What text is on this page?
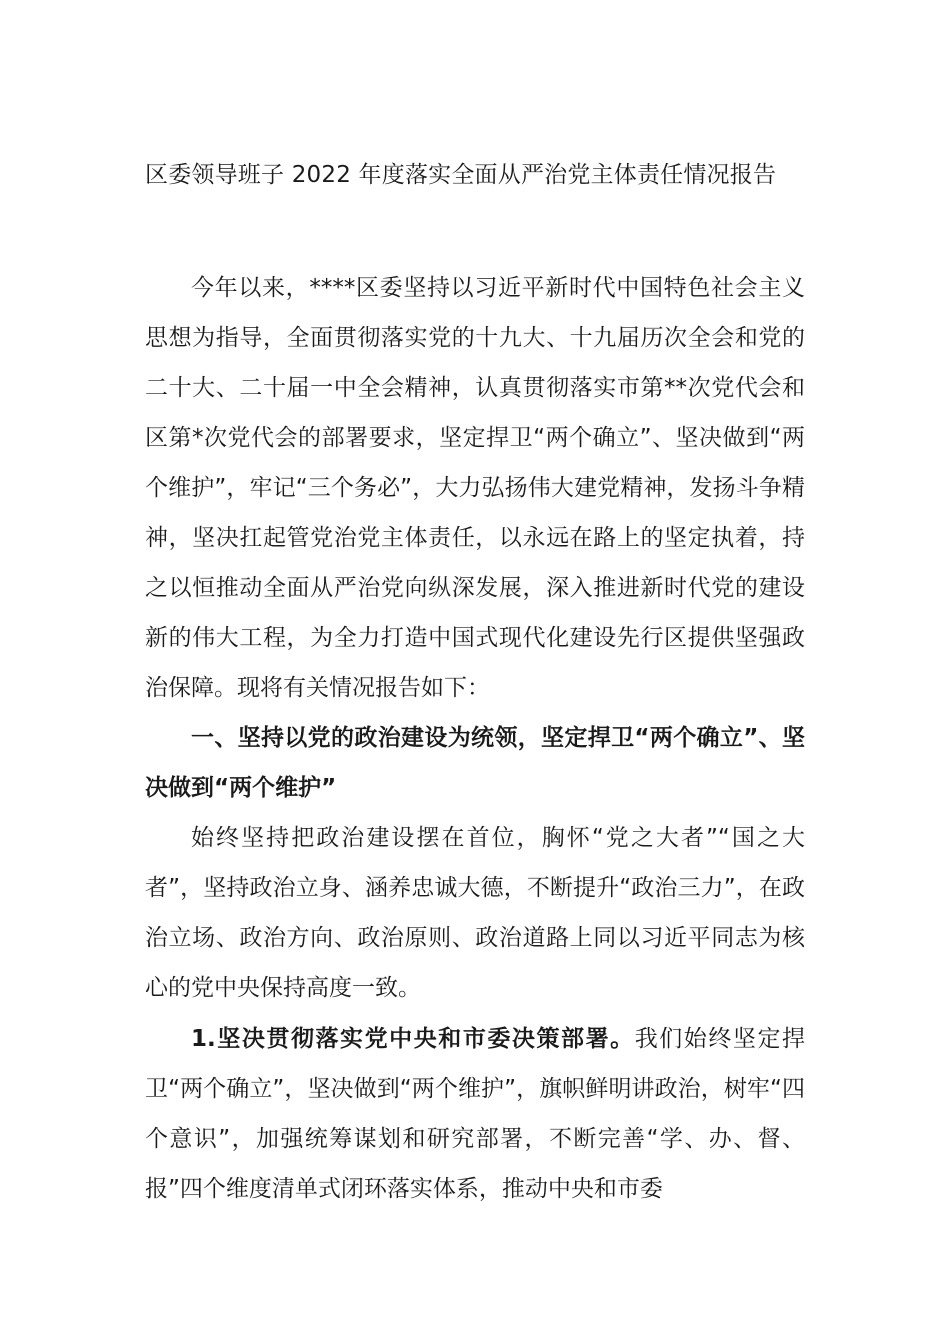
区委领导班子 2022 年度落实全面从严治党主体责任情况报告

今年以来，****区委坚持以习近平新时代中国特色社会主义思想为指导，全面贯彻落实党的十九大、十九届历次全会和党的二十大、二十届一中全会精神，认真贯彻落实市第**次党代会和区第*次党代会的部署要求，坚定捍卫“两个确立”、坚决做到“两个维护”，牢记“三个务必”，大力弘扬伟大建党精神，发扬斗争精神，坚决扛起管党治党主体责任，以永远在路上的坚定执着，持之以恒推动全面从严治党向纵深发展，深入推进新时代党的建设新的伟大工程，为全力打造中国式现代化建设先行区提供坚强政治保障。现将有关情况报告如下：

一、坚持以党的政治建设为统领，坚定捍卫“两个确立”、坚决做到“两个维护”

始终坚持把政治建设摆在首位，胸怀“党之大者”“国之大者”，坚持政治立身、涵养忠诚大德，不断提升“政治三力”，在政治立场、政治方向、政治原则、政治道路上同以习近平同志为核心的党中央保持高度一致。

1.坚决贯彻落实党中央和市委决策部署。我们始终坚定捍卫“两个确立”，坚决做到“两个维护”，旗帜鲜明讲政治，树牢“四个意识”，加强统筹谋划和研究部署，不断完善“学、办、督、报”四个维度清单式闭环落实体系，推动中央和市委
